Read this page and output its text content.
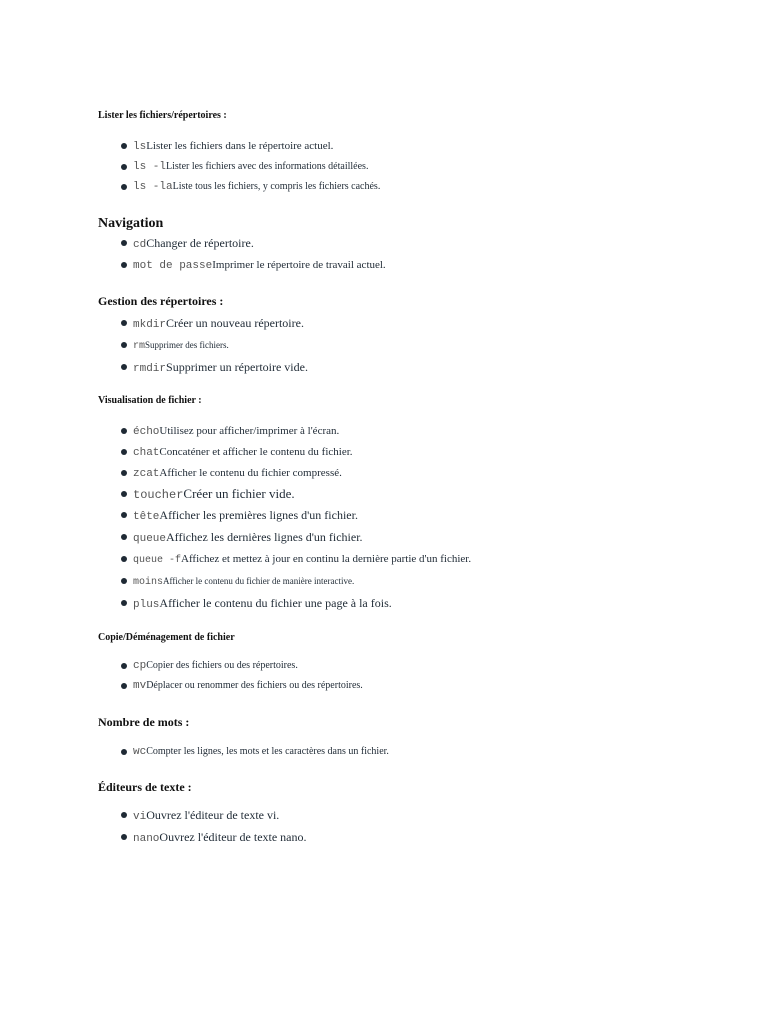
Lister les fichiers/répertoires :
lsLister les fichiers dans le répertoire actuel.
ls -lLister les fichiers avec des informations détaillées.
ls -laListe tous les fichiers, y compris les fichiers cachés.
Navigation
cdChanger de répertoire.
mot de passeImprimer le répertoire de travail actuel.
Gestion des répertoires :
mkdirCréer un nouveau répertoire.
rmSupprimer des fichiers.
rmdirSupprimer un répertoire vide.
Visualisation de fichier :
échoUtilisez pour afficher/imprimer à l'écran.
chatConcaténer et afficher le contenu du fichier.
zcatAfficher le contenu du fichier compressé.
toucherCréer un fichier vide.
têteAfficher les premières lignes d'un fichier.
queueAffichez les dernières lignes d'un fichier.
queue -fAffichez et mettez à jour en continu la dernière partie d'un fichier.
moinsAfficher le contenu du fichier de manière interactive.
plusAfficher le contenu du fichier une page à la fois.
Copie/Déménagement de fichier
cpCopier des fichiers ou des répertoires.
mvDéplacer ou renommer des fichiers ou des répertoires.
Nombre de mots :
wcCompter les lignes, les mots et les caractères dans un fichier.
Éditeurs de texte :
viOuvrez l'éditeur de texte vi.
nanoOuvrez l'éditeur de texte nano.
